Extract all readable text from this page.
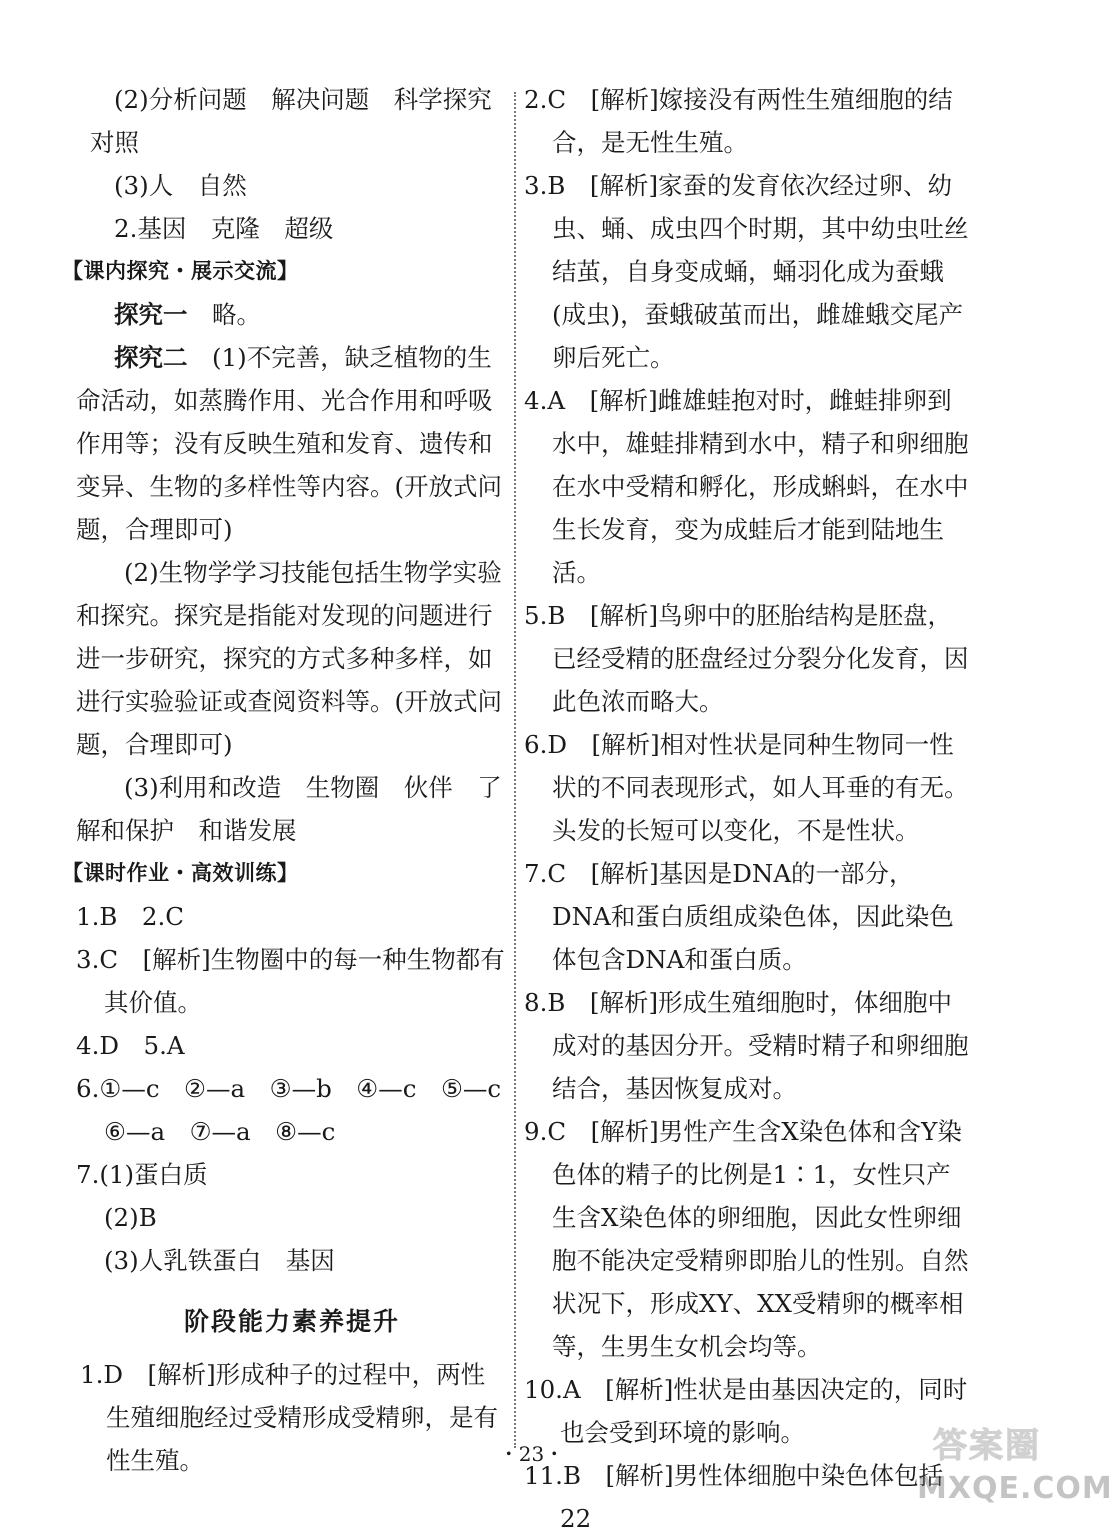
(2)分析问题　解决问题　科学探究

对照

(3)人　自然

2.基因　克隆　超级

【课内探究・展示交流】

探究一　略。

探究二　(1)不完善，缺乏植物的生命活动，如蒸腾作用、光合作用和呼吸作用等；没有反映生殖和发育、遗传和变异、生物的多样性等内容。(开放式问题，合理即可)

(2)生物学学习技能包括生物学实验和探究。探究是指能对发现的问题进行进一步研究，探究的方式多种多样，如进行实验验证或查阅资料等。(开放式问题，合理即可)

(3)利用和改造　生物圈　伙伴　了解和保护　和谐发展

【课时作业・高效训练】

1.B　2.C

3.C　[解析]生物圈中的每一种生物都有其价值。

4.D　5.A

6.①—c　②—a　③—b　④—c　⑤—c

⑥—a　⑦—a　⑧—c

7.(1)蛋白质

(2)B

(3)人乳铁蛋白　基因

阶段能力素养提升

1.D　[解析]形成种子的过程中，两性生殖细胞经过受精形成受精卵，是有性生殖。

2.C　[解析]嫁接没有两性生殖细胞的结合，是无性生殖。

3.B　[解析]家蚕的发育依次经过卵、幼虫、蛹、成虫四个时期，其中幼虫吐丝结茧，自身变成蛹，蛹羽化成为蚕蛾(成虫)，蚕蛾破茧而出，雌雄蛾交尾产卵后死亡。

4.A　[解析]雌雄蛙抱对时，雌蛙排卵到水中，雄蛙排精到水中，精子和卵细胞在水中受精和孵化，形成蝌蚪，在水中生长发育，变为成蛙后才能到陆地生活。

5.B　[解析]鸟卵中的胚胎结构是胚盘，已经受精的胚盘经过分裂分化发育，因此色浓而略大。

6.D　[解析]相对性状是同种生物同一性状的不同表现形式，如人耳垂的有无。头发的长短可以变化，不是性状。

7.C　[解析]基因是DNA的一部分，DNA和蛋白质组成染色体，因此染色体包含DNA和蛋白质。

8.B　[解析]形成生殖细胞时，体细胞中成对的基因分开。受精时精子和卵细胞结合，基因恢复成对。

9.C　[解析]男性产生含X染色体和含Y染色体的精子的比例是1∶1，女性只产生含X染色体的卵细胞，因此女性卵细胞不能决定受精卵即胎儿的性别。自然状况下，形成XY、XX受精卵的概率相等，生男生女机会均等。

10.A　[解析]性状是由基因决定的，同时也会受到环境的影响。

11.B　[解析]男性体细胞中染色体包括22

・23・	答案圈
MXQE.COM
